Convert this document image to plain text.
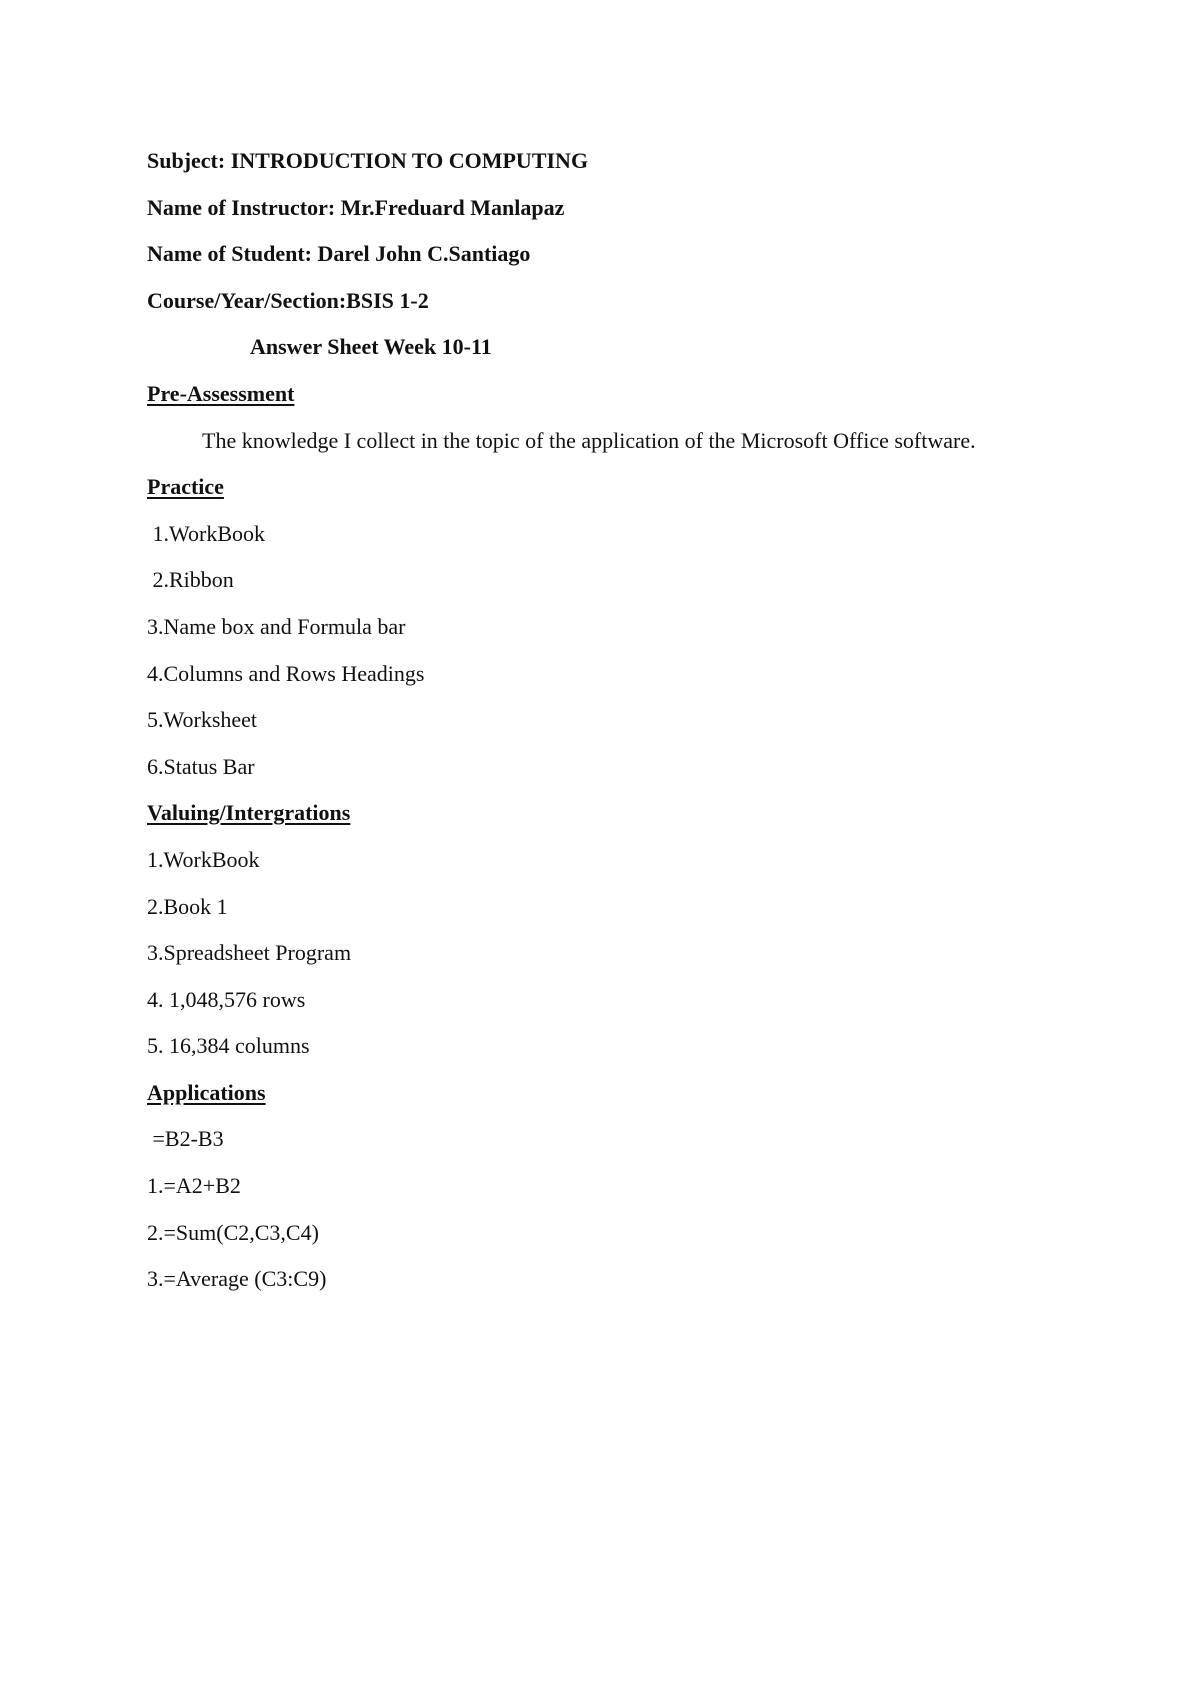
Subject: INTRODUCTION TO COMPUTING
Name of Instructor: Mr.Freduard Manlapaz
Name of Student: Darel John C.Santiago
Course/Year/Section:BSIS 1-2
Answer Sheet Week 10-11
Pre-Assessment
The knowledge I collect in the topic of the application of the Microsoft Office software.
Practice
1.WorkBook
2.Ribbon
3.Name box and Formula bar
4.Columns and Rows Headings
5.Worksheet
6.Status Bar
Valuing/Intergrations
1.WorkBook
2.Book 1
3.Spreadsheet Program
4. 1,048,576 rows
5. 16,384 columns
Applications
=B2-B3
1.=A2+B2
2.=Sum(C2,C3,C4)
3.=Average (C3:C9)
